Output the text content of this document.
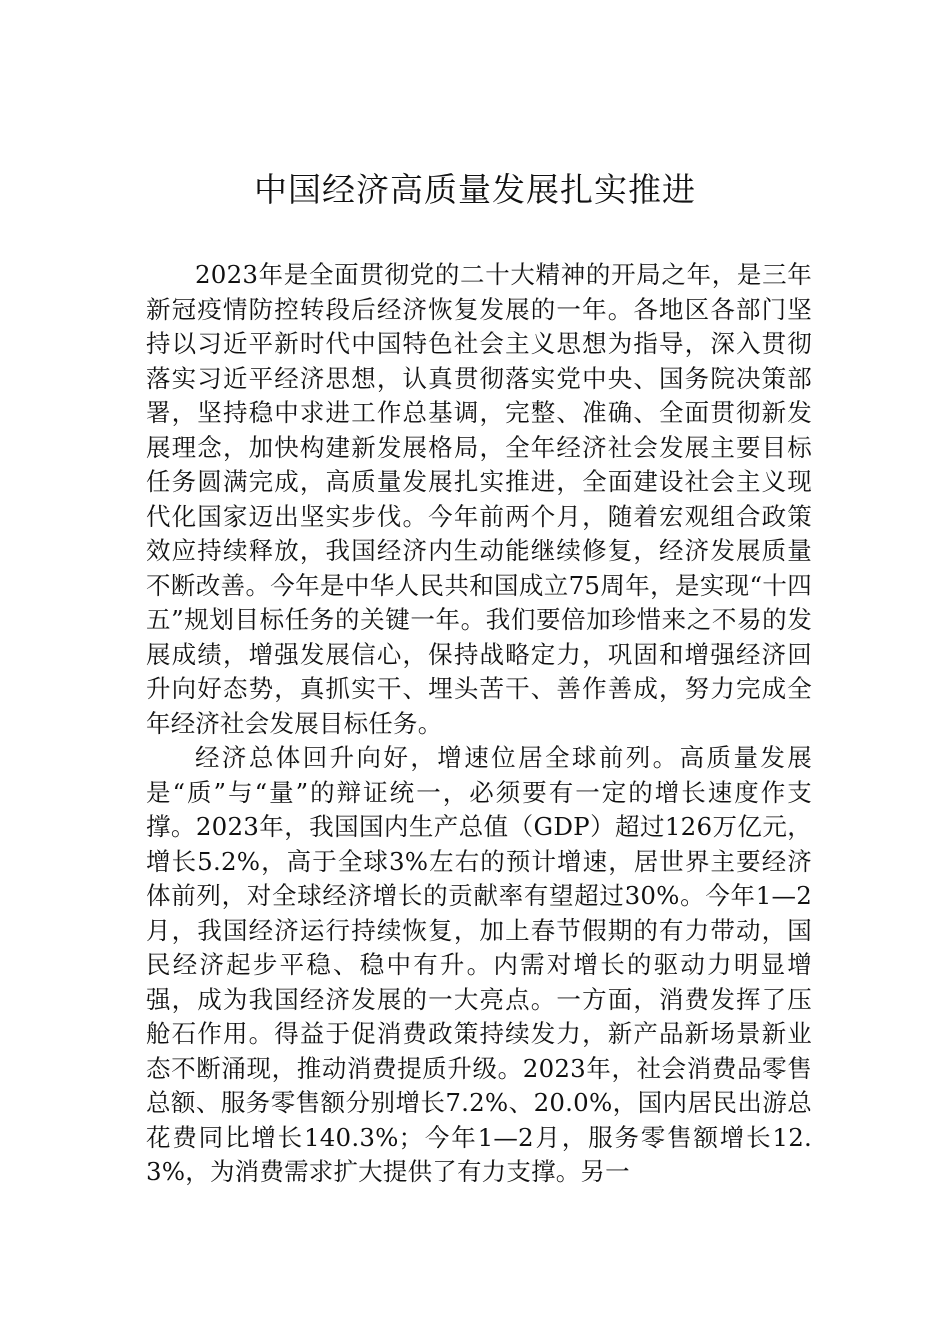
中国经济高质量发展扎实推进

2023年是全面贯彻党的二十大精神的开局之年，是三年新冠疫情防控转段后经济恢复发展的一年。各地区各部门坚持以习近平新时代中国特色社会主义思想为指导，深入贯彻落实习近平经济思想，认真贯彻落实党中央、国务院决策部署，坚持稳中求进工作总基调，完整、准确、全面贯彻新发展理念，加快构建新发展格局，全年经济社会发展主要目标任务圆满完成，高质量发展扎实推进，全面建设社会主义现代化国家迈出坚实步伐。今年前两个月，随着宏观组合政策效应持续释放，我国经济内生动能继续修复，经济发展质量不断改善。今年是中华人民共和国成立75周年，是实现“十四五”规划目标任务的关键一年。我们要倍加珍惜来之不易的发展成绩，增强发展信心，保持战略定力，巩固和增强经济回升向好态势，真抓实干、埋头苦干、善作善成，努力完成全年经济社会发展目标任务。

经济总体回升向好，增速位居全球前列。高质量发展是“质”与“量”的辩证统一，必须要有一定的增长速度作支撑。2023年，我国国内生产总值（GDP）超过126万亿元，增长5.2%，高于全球3%左右的预计增速，居世界主要经济体前列，对全球经济增长的贡献率有望超过30%。今年1—2月，我国经济运行持续恢复，加上春节假期的有力带动，国民经济起步平稳、稳中有升。内需对增长的驱动力明显增强，成为我国经济发展的一大亮点。一方面，消费发挥了压舱石作用。得益于促消费政策持续发力，新产品新场景新业态不断涌现，推动消费提质升级。2023年，社会消费品零售总额、服务零售额分别增长7.2%、20.0%，国内居民出游总花费同比增长140.3%；今年1—2月，服务零售额增长12.3%，为消费需求扩大提供了有力支撑。另一
